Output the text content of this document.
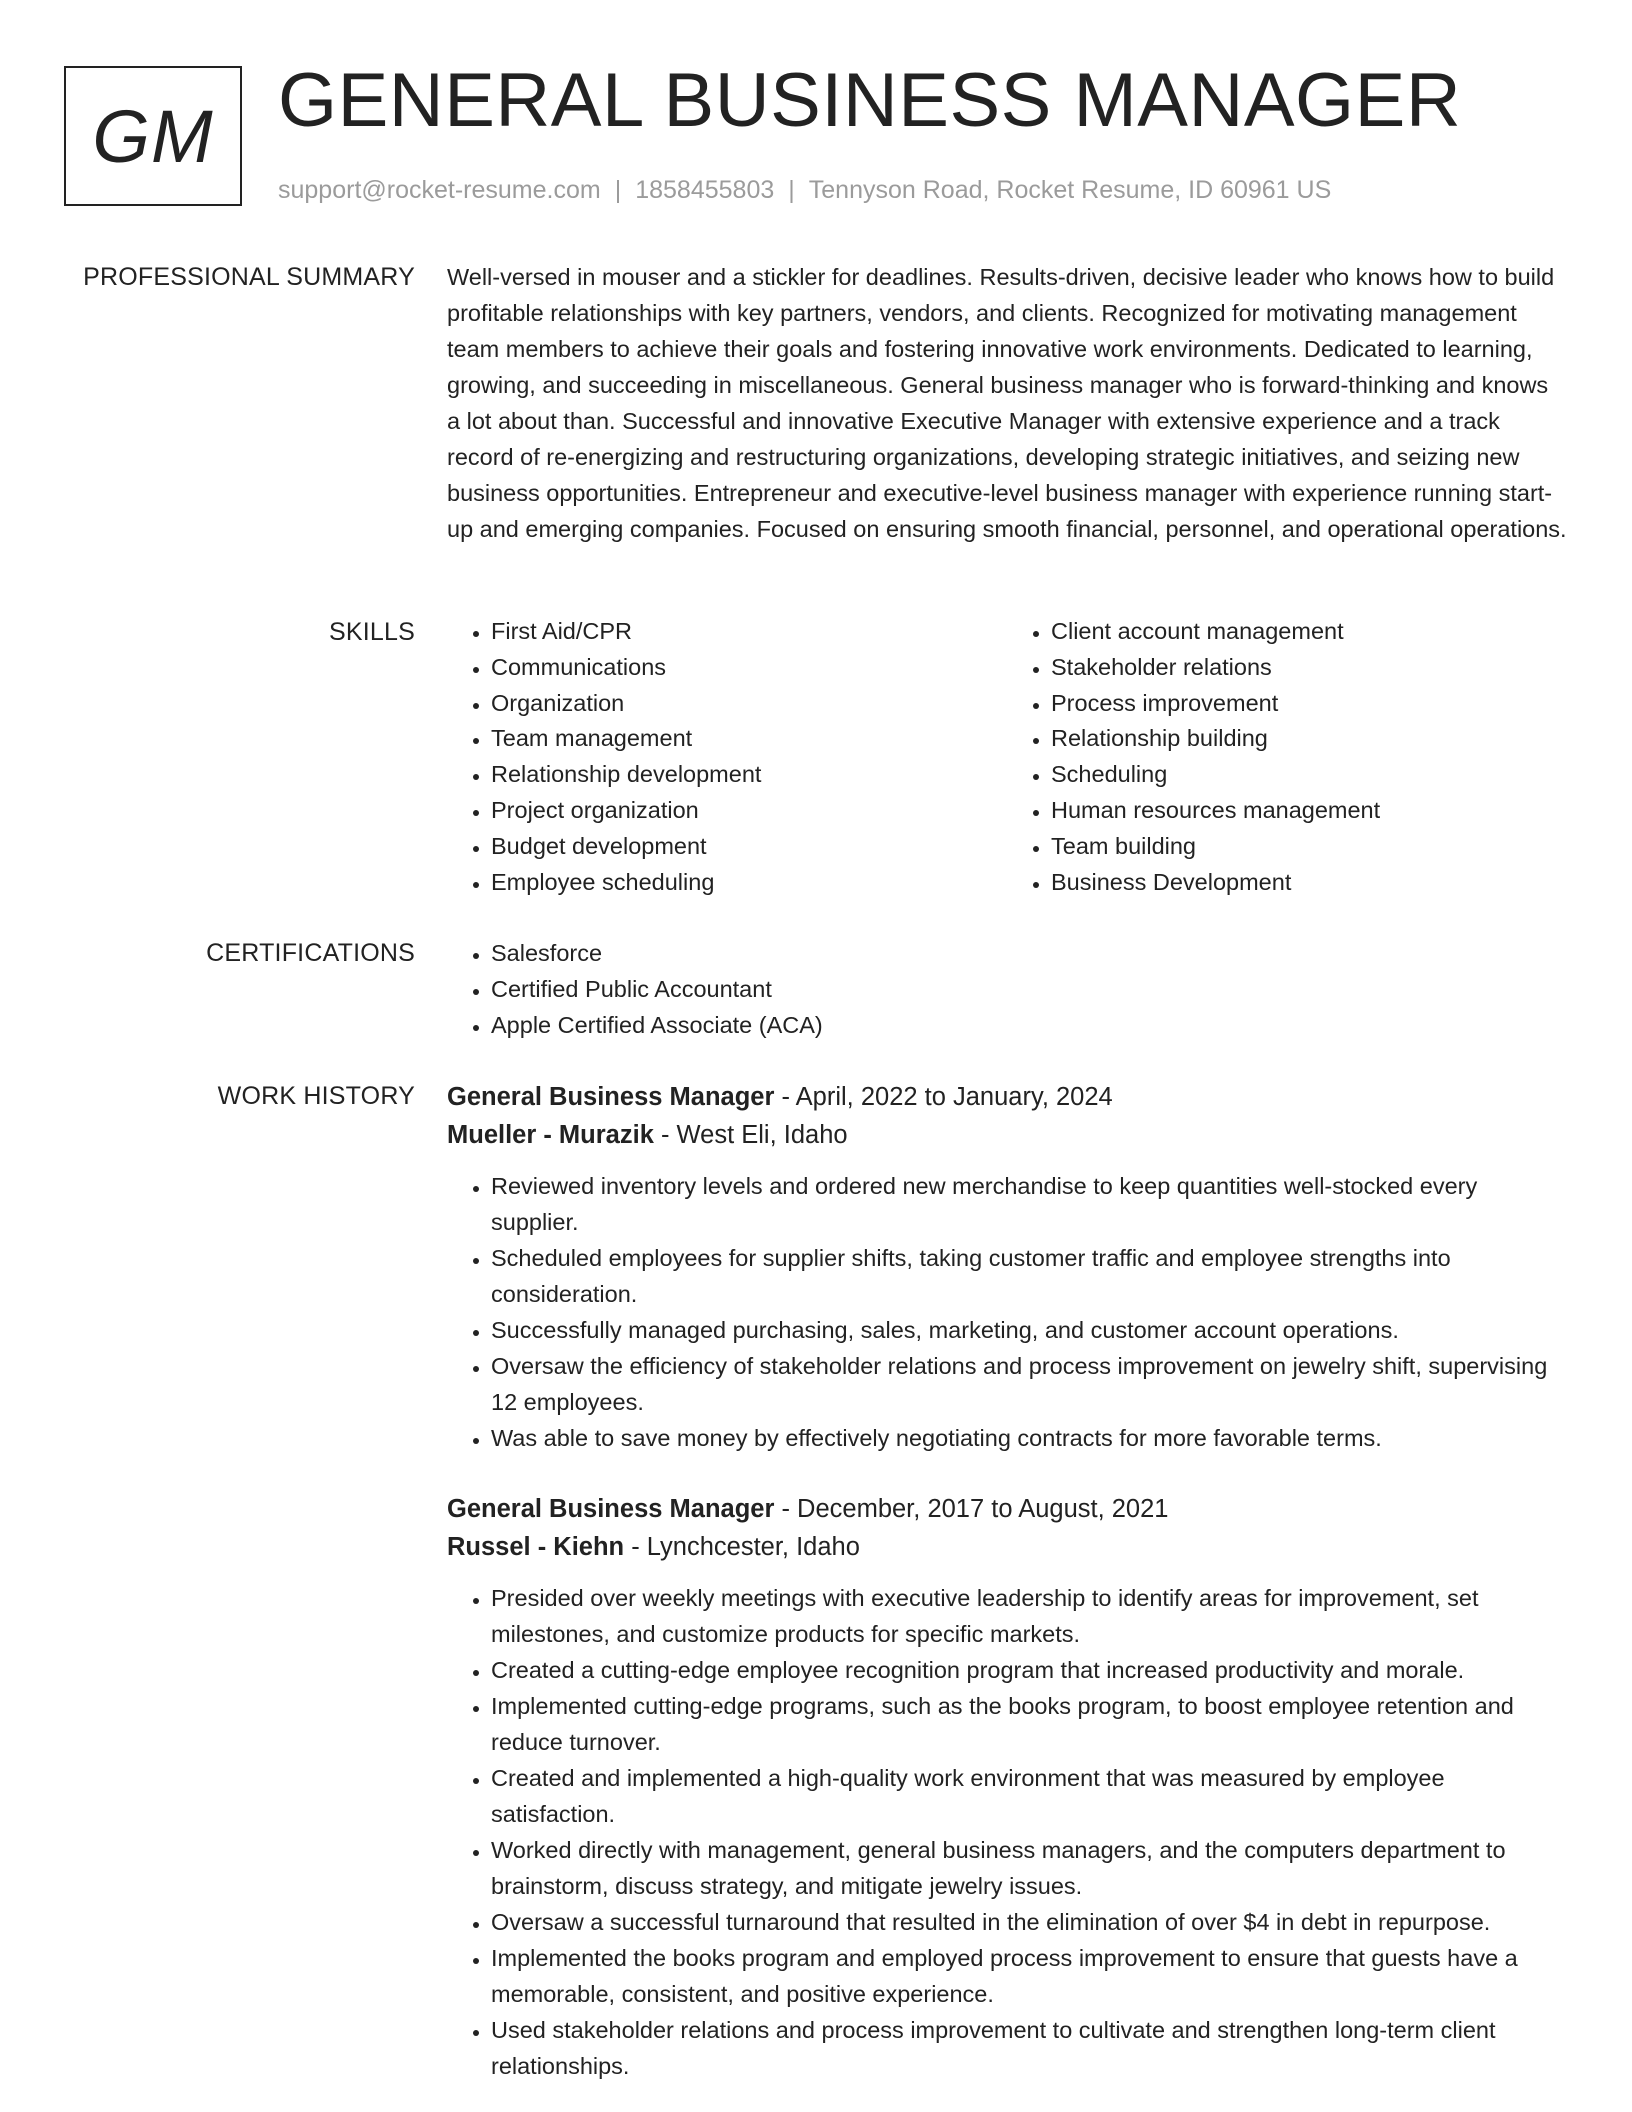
GM GENERAL BUSINESS MANAGER
support@rocket-resume.com | 1858455803 | Tennyson Road, Rocket Resume, ID 60961 US
PROFESSIONAL SUMMARY Well-versed in mouser and a stickler for deadlines. Results-driven, decisive leader who knows how to build profitable relationships with key partners, vendors, and clients. Recognized for motivating management team members to achieve their goals and fostering innovative work environments. Dedicated to learning, growing, and succeeding in miscellaneous. General business manager who is forward-thinking and knows a lot about than. Successful and innovative Executive Manager with extensive experience and a track record of re-energizing and restructuring organizations, developing strategic initiatives, and seizing new business opportunities. Entrepreneur and executive-level business manager with experience running start-up and emerging companies. Focused on ensuring smooth financial, personnel, and operational operations.
SKILLS	• First Aid/CPR
• Communications
• Organization
• Team management
• Relationship development
• Project organization
• Budget development
• Employee scheduling
• Client account management
• Stakeholder relations
• Process improvement
• Relationship building
• Scheduling
• Human resources management
• Team building
• Business Development
CERTIFICATIONS	• Salesforce
• Certified Public Accountant
• Apple Certified Associate (ACA)
WORK HISTORY General Business Manager - April, 2022 to January, 2024
Mueller - Murazik - West Eli, Idaho
• Reviewed inventory levels and ordered new merchandise to keep quantities well-stocked every supplier.
• Scheduled employees for supplier shifts, taking customer traffic and employee strengths into consideration.
• Successfully managed purchasing, sales, marketing, and customer account operations.
• Oversaw the efficiency of stakeholder relations and process improvement on jewelry shift, supervising 12 employees.
• Was able to save money by effectively negotiating contracts for more favorable terms.
General Business Manager - December, 2017 to August, 2021
Russel - Kiehn - Lynchcester, Idaho
• Presided over weekly meetings with executive leadership to identify areas for improvement, set milestones, and customize products for specific markets.
• Created a cutting-edge employee recognition program that increased productivity and morale.
• Implemented cutting-edge programs, such as the books program, to boost employee retention and reduce turnover.
• Created and implemented a high-quality work environment that was measured by employee satisfaction.
• Worked directly with management, general business managers, and the computers department to brainstorm, discuss strategy, and mitigate jewelry issues.
• Oversaw a successful turnaround that resulted in the elimination of over $4 in debt in repurpose.
• Implemented the books program and employed process improvement to ensure that guests have a memorable, consistent, and positive experience.
• Used stakeholder relations and process improvement to cultivate and strengthen long-term client relationships.
